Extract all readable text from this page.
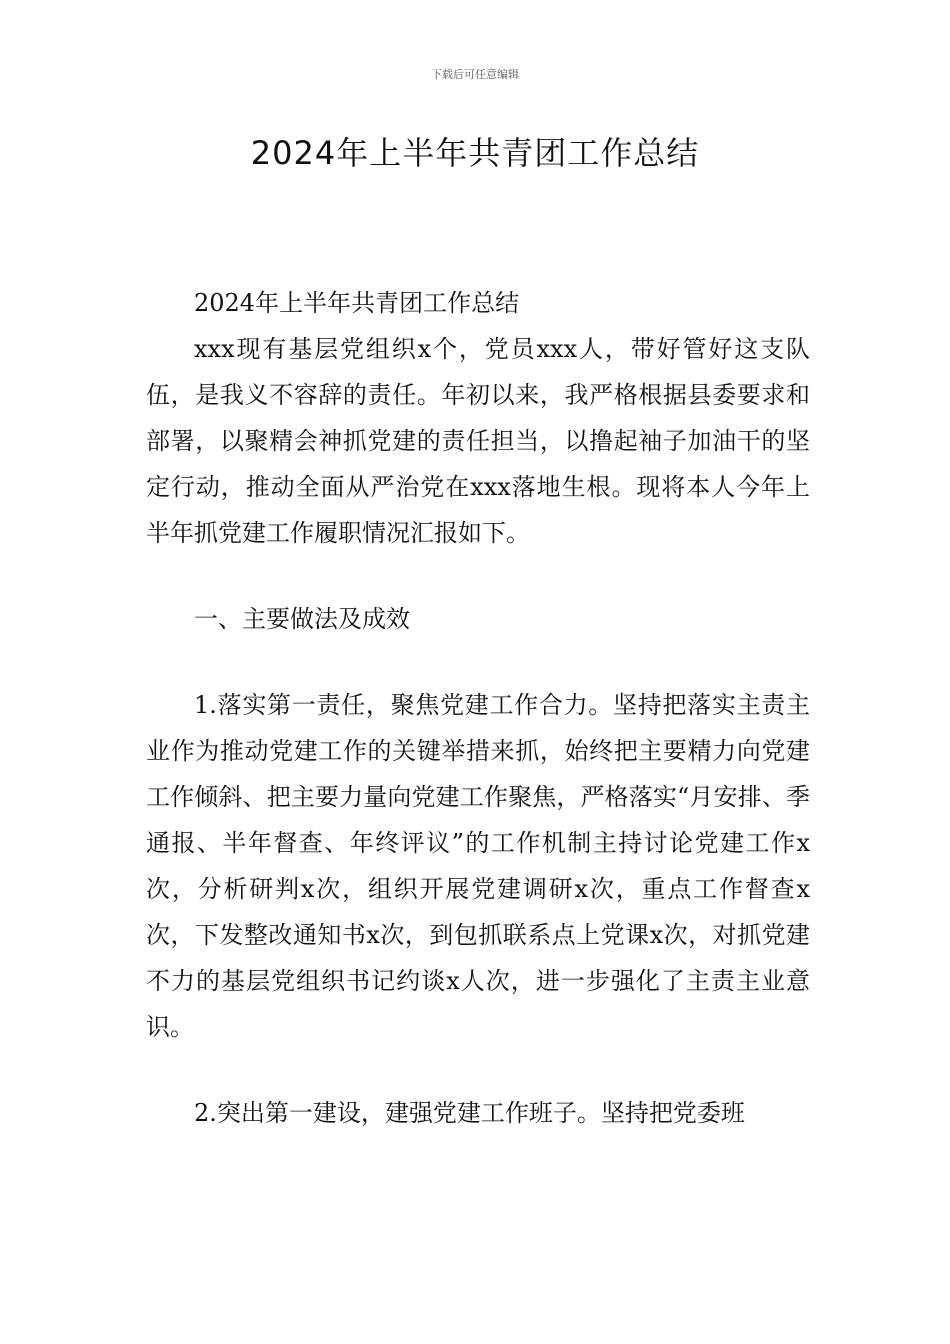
下载后可任意编辑
2024年上半年共青团工作总结

2024年上半年共青团工作总结

xxx现有基层党组织x个，党员xxx人，带好管好这支队伍，是我义不容辞的责任。年初以来，我严格根据县委要求和部署，以聚精会神抓党建的责任担当，以撸起袖子加油干的坚定行动，推动全面从严治党在xxx落地生根。现将本人今年上半年抓党建工作履职情况汇报如下。

一、主要做法及成效

1.落实第一责任，聚焦党建工作合力。坚持把落实主责主业作为推动党建工作的关键举措来抓，始终把主要精力向党建工作倾斜、把主要力量向党建工作聚焦，严格落实“月安排、季通报、半年督查、年终评议”的工作机制主持讨论党建工作x次，分析研判x次，组织开展党建调研x次，重点工作督查x次，下发整改通知书x次，到包抓联系点上党课x次，对抓党建不力的基层党组织书记约谈x人次，进一步强化了主责主业意识。

2.突出第一建设，建强党建工作班子。坚持把党委班
